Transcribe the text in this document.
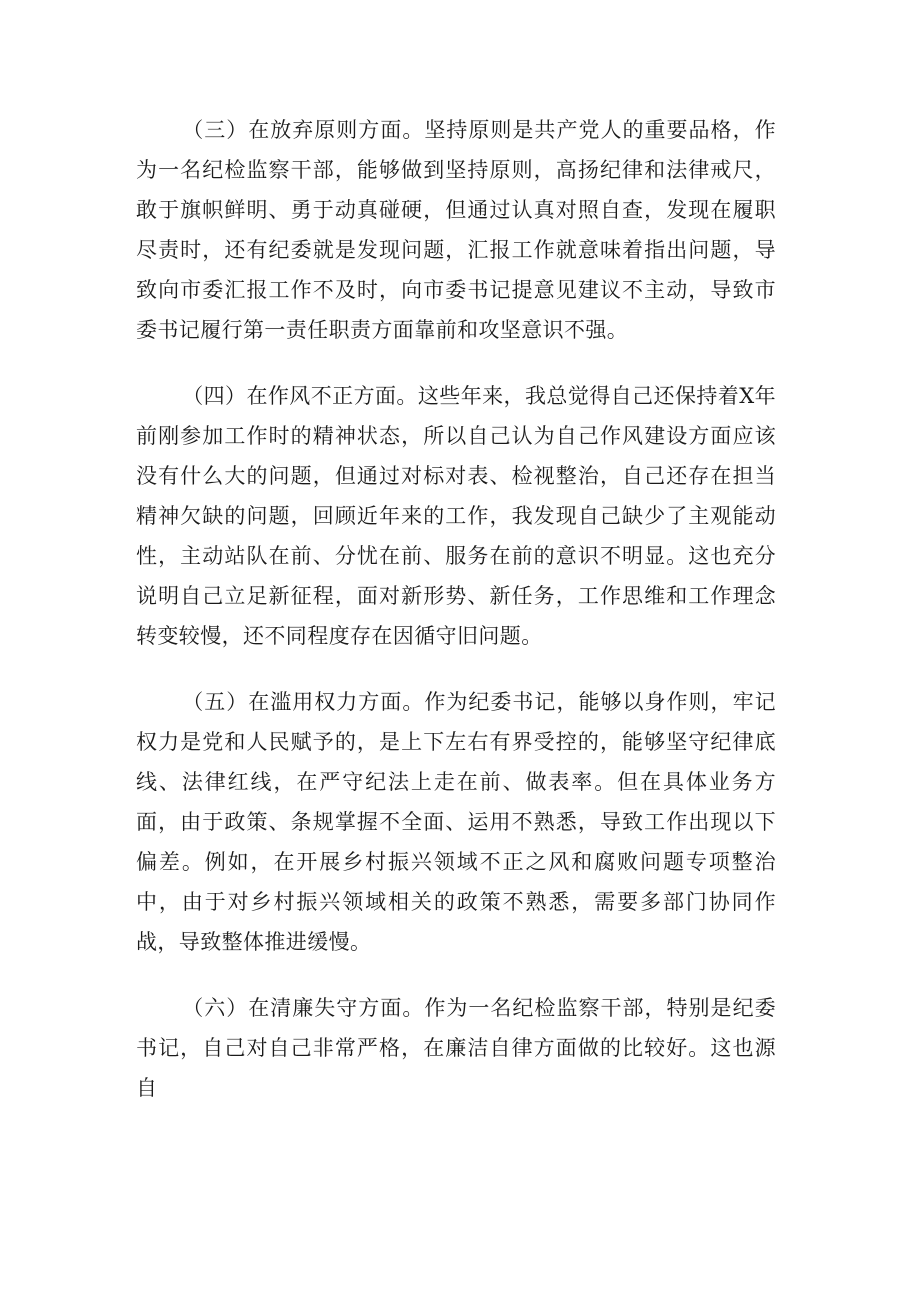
（三）在放弃原则方面。坚持原则是共产党人的重要品格，作为一名纪检监察干部，能够做到坚持原则，高扬纪律和法律戒尺，敢于旗帜鲜明、勇于动真碰硬，但通过认真对照自查，发现在履职尽责时，还有纪委就是发现问题，汇报工作就意味着指出问题，导致向市委汇报工作不及时，向市委书记提意见建议不主动，导致市委书记履行第一责任职责方面靠前和攻坚意识不强。

（四）在作风不正方面。这些年来，我总觉得自己还保持着X年前刚参加工作时的精神状态，所以自己认为自己作风建设方面应该没有什么大的问题，但通过对标对表、检视整治，自己还存在担当精神欠缺的问题，回顾近年来的工作，我发现自己缺少了主观能动性，主动站队在前、分忧在前、服务在前的意识不明显。这也充分说明自己立足新征程，面对新形势、新任务，工作思维和工作理念转变较慢，还不同程度存在因循守旧问题。

（五）在滥用权力方面。作为纪委书记，能够以身作则，牢记权力是党和人民赋予的，是上下左右有界受控的，能够坚守纪律底线、法律红线，在严守纪法上走在前、做表率。但在具体业务方面，由于政策、条规掌握不全面、运用不熟悉，导致工作出现以下偏差。例如，在开展乡村振兴领域不正之风和腐败问题专项整治中，由于对乡村振兴领域相关的政策不熟悉，需要多部门协同作战，导致整体推进缓慢。

（六）在清廉失守方面。作为一名纪检监察干部，特别是纪委书记，自己对自己非常严格，在廉洁自律方面做的比较好。这也源自
